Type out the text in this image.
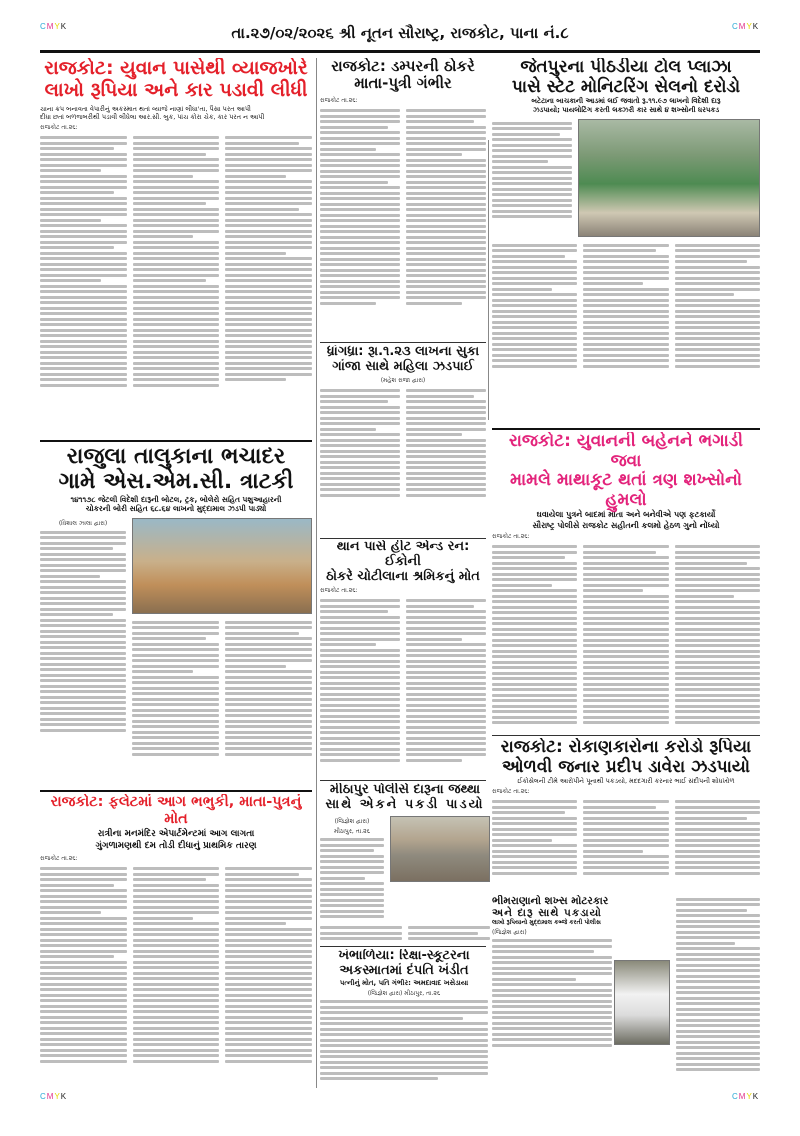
CMYK	CMYK
CMYK	CMYK
તા.૨૭/૦૨/૨૦૨૬ શ્રી નૂતન સૌરાષ્ટ્ર, રાજકોટ, પાના નં.૮
રાજકોટ: યુવાન પાસેથી વ્યાજખોરે
લાખો રૂપિયા અને કાર પડાવી લીધી
ચાના ક્રપ બનાવતા વેપારીનું અકસ્માત થતાં વ્યાજે નાણાં લીધા'તા, પૈસા પરત આપી
દીધા છતાં બળજબરીથી પડાવી લીધેલા આર.સી. બુક, પાંચ કોરા ચેક, કાર પરત ન આપી
રાજકોટ તા.૨૬:
રાજુલા તાલુકાના ભચાદર
ગામે એસ.એમ.સી. ત્રાટકી
૧૪૧૧૭૮ જેટલી વિદેશી દારૂની બોટલ, ટ્રક, બોલેરો સહિત પશુઆહારની
ચોકરની બોરી સહિત ૬૮.૬૪ લાખનો મુદ્દામાલ ઝડપી પાડ્યો
(વિશાલ ઝાલા દ્વારા)
રાજકોટ: ફલેટમાં આગ ભભુકી, માતા-પુત્રનું મોત
રાત્રીના મનમંદિર એપાર્ટમેન્ટમાં આગ લાગતા
ગુંગળામણથી દમ તોડી દીધાનું પ્રાથમિક તારણ
રાજકોટ તા.૨૬:
રાજકોટ: ડમ્પરની ઠોકરે
માતા-પુત્રી ગંભીર
રાજકોટ તા.૨૬:
ધ્રાંગધ્રા: રૂા.૧.૨૩ લાખના સુકા
ગાંજા સાથે મહિલા ઝડપાઈ
(મહેશ રાજા દ્વારા)
થાન પાસે હીટ એન્ડ રન: ઈકોની
ઠોકરે ચોટીલાના શ્રમિકનું મોત
રાજકોટ તા.૨૬:
જેતપુરના પીઠડીયા ટોલ પ્લાઝા
પાસે સ્ટેટ મોનિટરિંગ સેલનો દરોડો
બટેટાના બાચકાની આડમાં લઈ જવાતો રૂ.૧૧.૯૭ લાખનો વિદેશી દારૂ
ઝડપાયો; પાયલોટિંગ કરતી લક્ઝરી કાર સાથે ૪ શખ્સોની ધરપકડ
રાજકોટ: યુવાનની બહેનને ભગાડી જવા
મામલે માથાકૂટ થતાં ત્રણ શખ્સોનો હુમલો
ઘવાયેલા પુત્રને બાદમાં માતા અને બનેવીએ પણ ફટકાર્યો
સૌરાષ્ટ્ર પોલીસે રાજકોટ સહીતની કલમો હેઠળ ગુનો નોંધ્યો
રાજકોટ તા.૨૬:
રાજકોટ: રોકાણકારોના કરોડો રૂપિયા
ઓળવી જનાર પ્રદીપ ડાવેરા ઝડપાયો
ઈકોસેલની ટીમે આરોપીને પૂનાથી પકડયો, મદદગારી કરનાર ભાઈ સંદીપની શોધખોળ
રાજકોટ તા.૨૬:
ભીમરાણાનો શખ્સ મોટરકાર
અને દારૂ સાથે પકડાયો
લાખો રૂપિયાનો મુદ્દામાલ કબ્જે કરતી પોલીસ
(જિજ્ઞેશ દ્વારા)
મીઠાપુર પોલીસે દારૂના જથ્થા
સાથે એકને પકડી પાડયો
(જિજ્ઞેશ દ્વારા)
મીઠાપુર, તા.૨૬
ખંભાળિયા: રિક્ષા-સ્કૂટરના
અકસ્માતમાં દંપતિ ખંડીત
પત્નીનું મોત, પતિ ગંભીર: અમદાવાદ ખસેડાયા
(જિજ્ઞેશ દ્વારા) મીઠાપુર, તા.૨૬
